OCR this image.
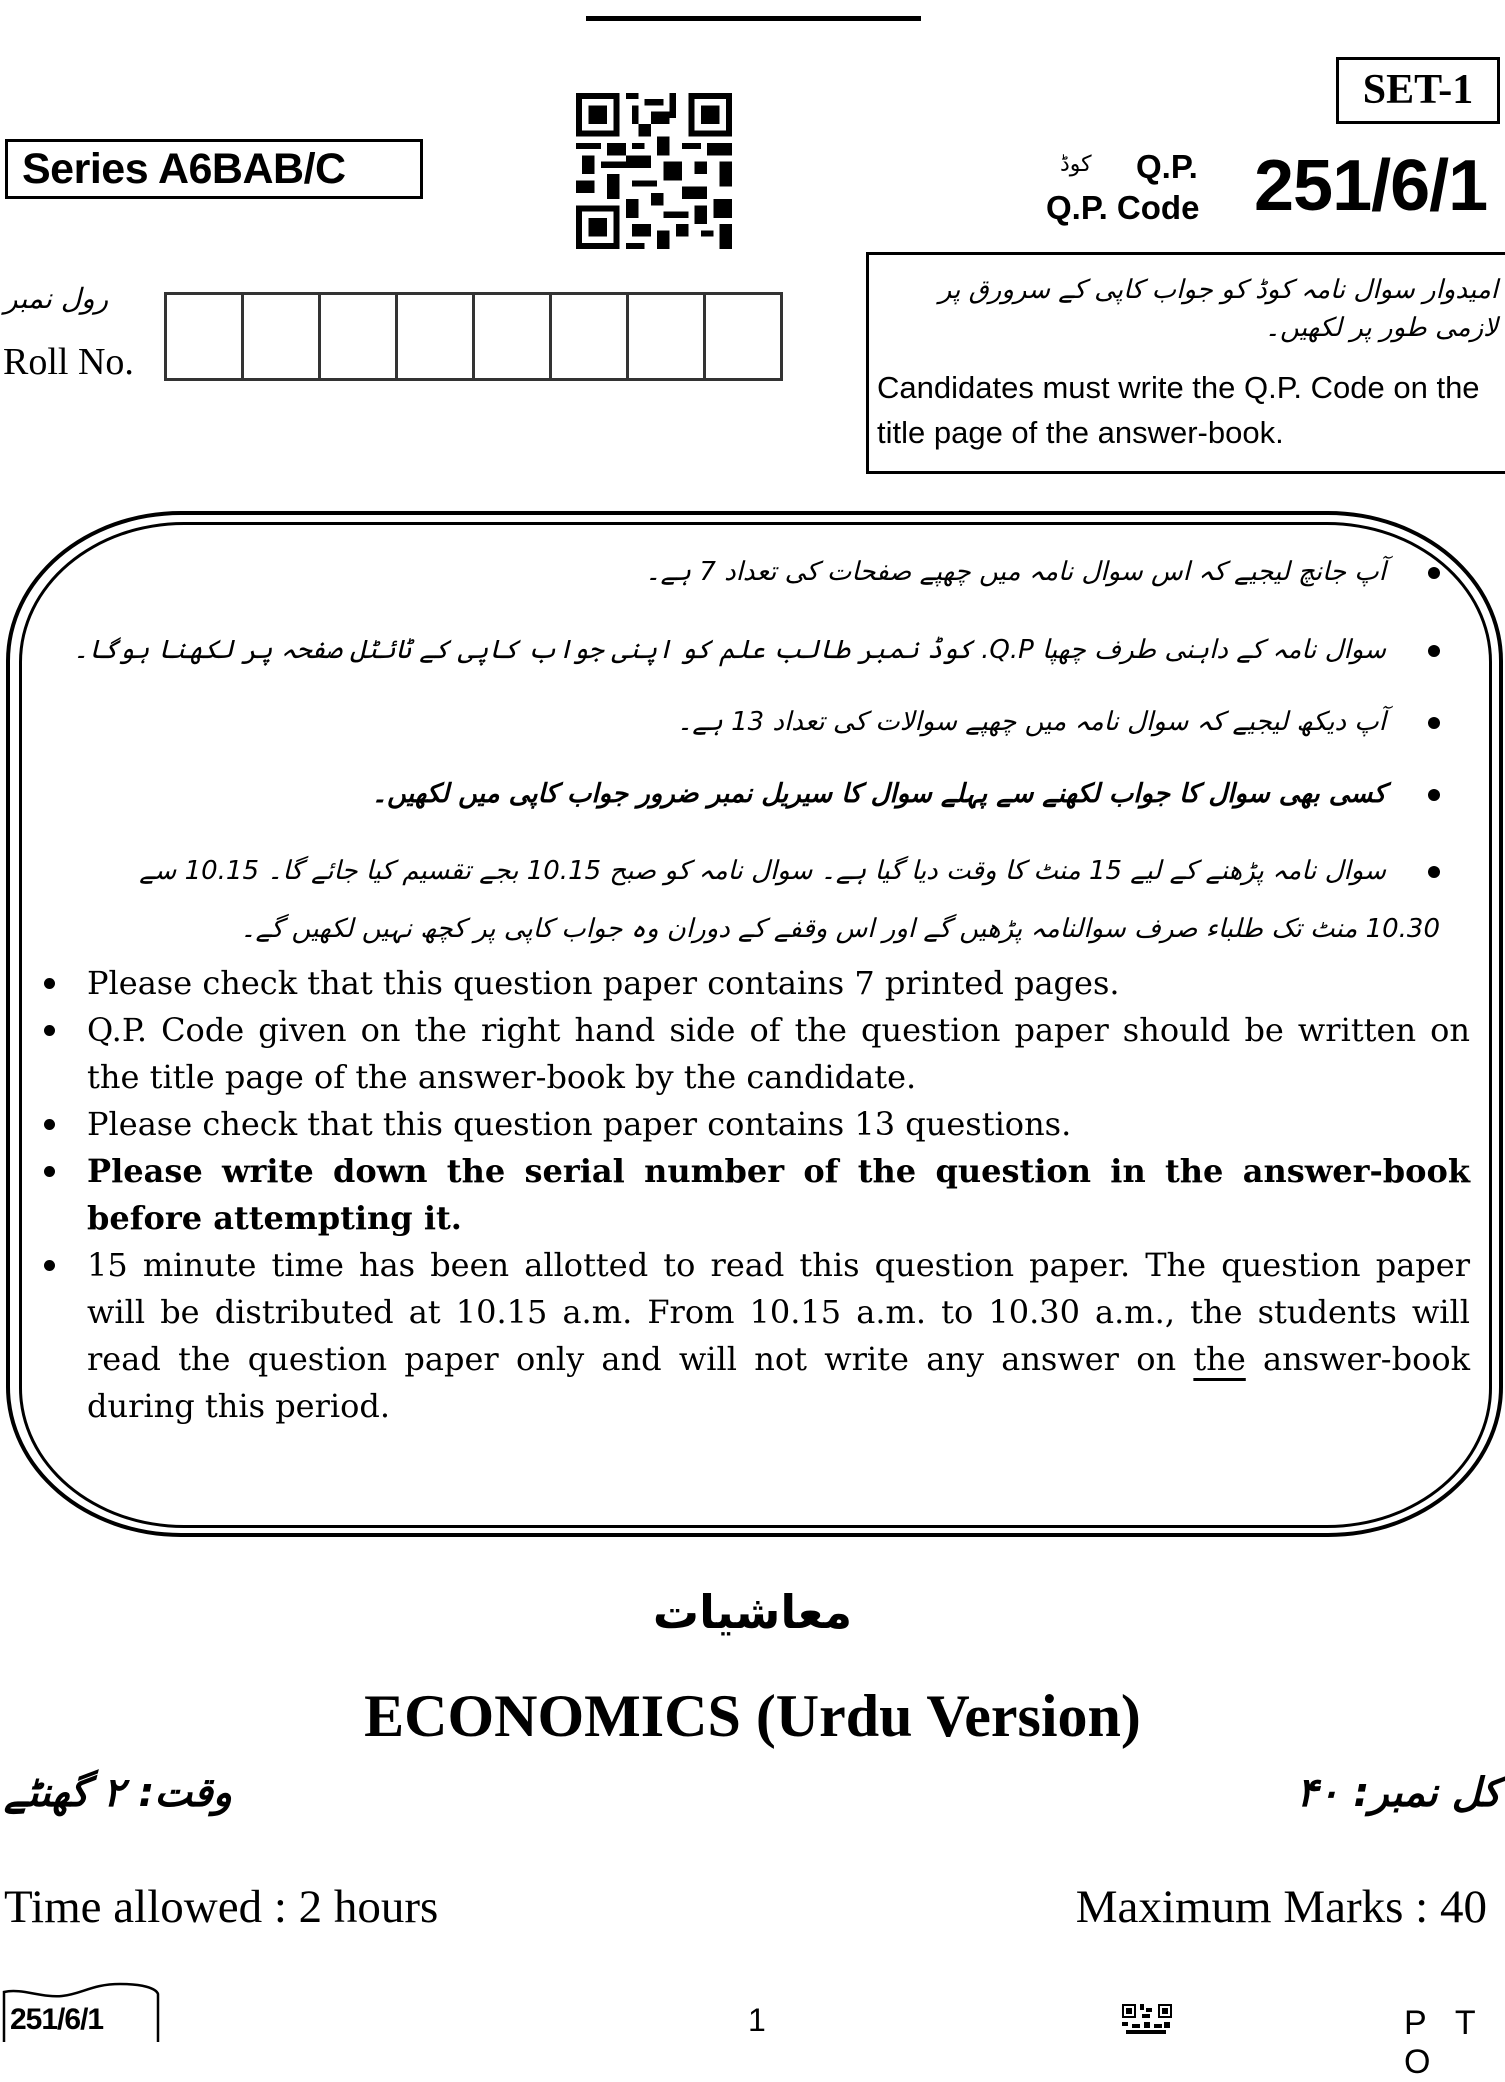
Series A6BAB/C
SET-1
کوڈ Q.P.
Q.P. Code 251/6/1
رول نمبر
Roll No.
امیدوار سوال نامہ کوڈ کو جواب کاپی کے سرورق پر لازمی طور پر لکھیں۔
Candidates must write the Q.P. Code on the title page of the answer-book.
آپ جانچ لیجیے کہ اس سوال نامہ میں چھپے صفحات کی تعداد 7 ہے۔
سوال نامہ کے داہنی طرف چھپا Q.P. کوڈ نمبر طالب علم کو اپنی جواب کاپی کے ٹائٹل صفحہ پر لکھنا ہوگا۔
آپ دیکھ لیجیے کہ سوال نامہ میں چھپے سوالات کی تعداد 13 ہے۔
کسی بھی سوال کا جواب لکھنے سے پہلے سوال کا سیریل نمبر ضرور جواب کاپی میں لکھیں۔
سوال نامہ پڑھنے کے لیے 15 منٹ کا وقت دیا گیا ہے۔ سوال نامہ کو صبح 10.15 بجے تقسیم کیا جائے گا۔ 10.15 سے 10.30 منٹ تک طلباء صرف سوالنامہ پڑھیں گے اور اس وقفے کے دوران وہ جواب کاپی پر کچھ نہیں لکھیں گے۔
Please check that this question paper contains 7 printed pages.
Q.P. Code given on the right hand side of the question paper should be written on the title page of the answer-book by the candidate.
Please check that this question paper contains 13 questions.
Please write down the serial number of the question in the answer-book before attempting it.
15 minute time has been allotted to read this question paper. The question paper will be distributed at 10.15 a.m. From 10.15 a.m. to 10.30 a.m., the students will read the question paper only and will not write any answer on the answer-book during this period.
معاشیات
ECONOMICS (Urdu Version)
وقت: ۲ گھنٹے	کل نمبر: ۴۰
Time allowed : 2 hours	Maximum Marks : 40
251/6/1	1	P T O
